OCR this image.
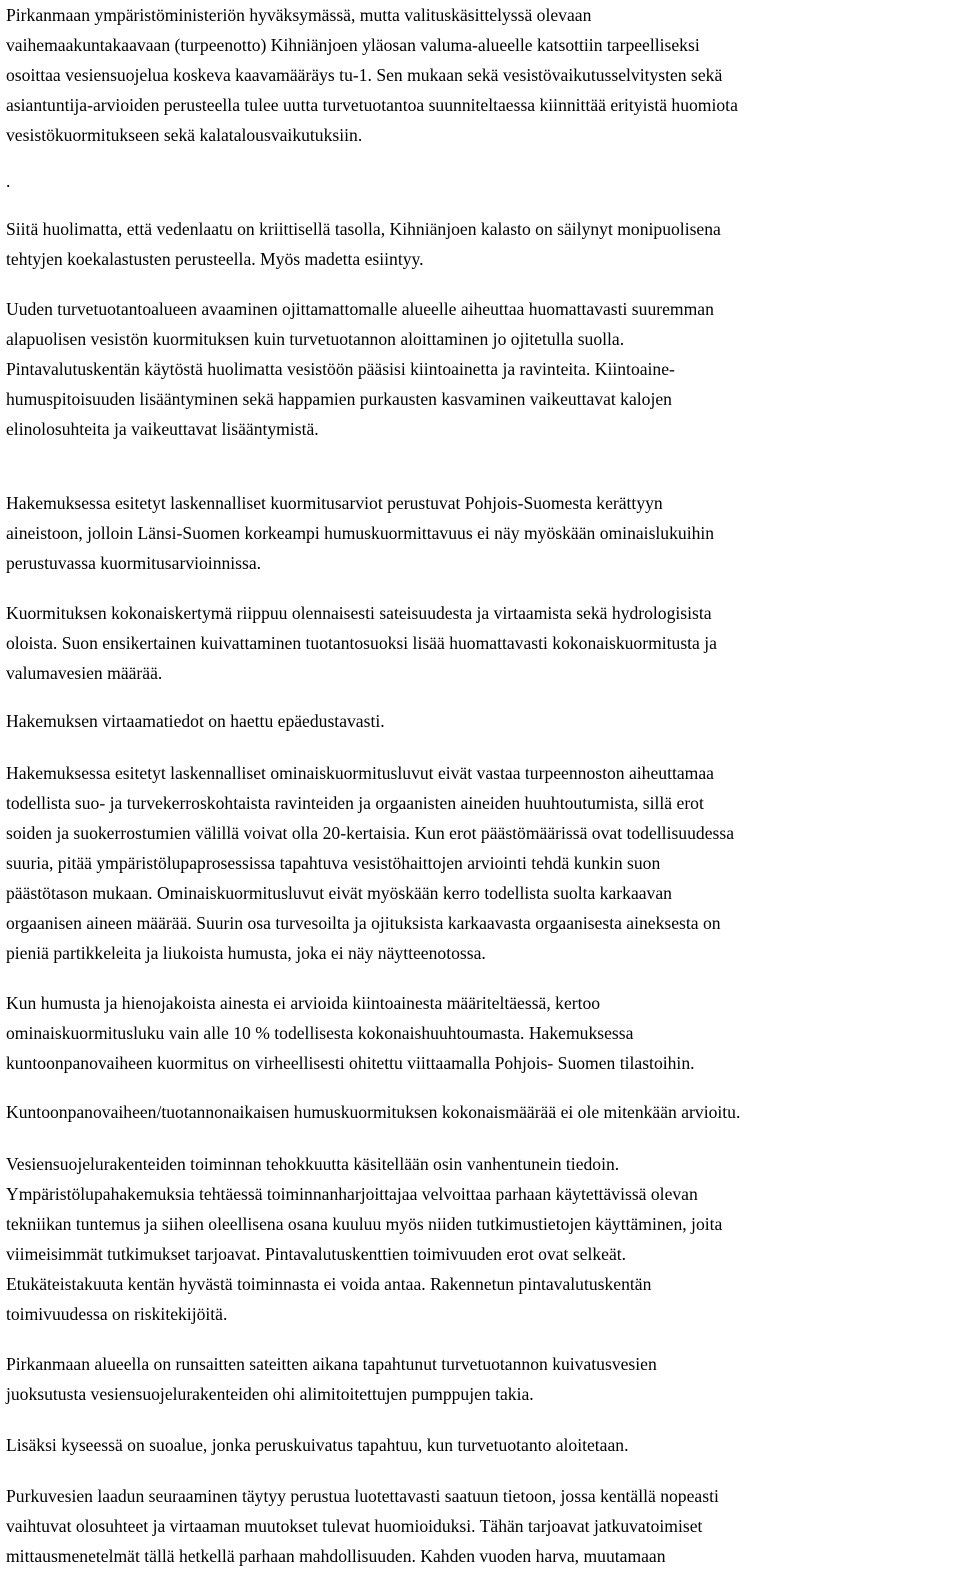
Pirkanmaan ympäristöministeriön hyväksymässä, mutta valituskäsittelyssä olevaan
vaihemaakuntakaavaan (turpeenotto) Kihniänjoen yläosan valuma-alueelle katsottiin tarpeelliseksi
osoittaa vesiensuojelua koskeva kaavamääräys tu-1. Sen mukaan sekä vesistövaikutusselvitysten sekä
asiantuntija-arvioiden perusteella tulee uutta turvetuotantoa suunniteltaessa kiinnittää erityistä huomiota
vesistökuormitukseen sekä kalatalousvaikutuksiin.
.
Siitä huolimatta, että vedenlaatu on kriittisellä tasolla, Kihniänjoen kalasto on säilynyt monipuolisena
tehtyjen koekalastusten perusteella. Myös madetta esiintyy.
Uuden turvetuotantoalueen avaaminen ojittamattomalle alueelle aiheuttaa huomattavasti suuremman
alapuolisen vesistön kuormituksen kuin turvetuotannon aloittaminen jo ojitetulla suolla.
Pintavalutuskentän käytöstä huolimatta vesistöön pääsisi kiintoainetta ja ravinteita. Kiintoaine-
humuspitoisuuden lisääntyminen sekä happamien purkausten kasvaminen vaikeuttavat kalojen
elinolosuhteita ja vaikeuttavat lisääntymistä.
Hakemuksessa esitetyt laskennalliset kuormitusarviot perustuvat Pohjois-Suomesta kerättyyn
aineistoon, jolloin Länsi-Suomen korkeampi humuskuormittavuus ei näy myöskään ominaislukuihin
perustuvassa kuormitusarvioinnissa.
Kuormituksen kokonaiskertymä riippuu olennaisesti sateisuudesta ja virtaamista sekä hydrologisista
oloista. Suon ensikertainen kuivattaminen tuotantosuoksi lisää huomattavasti kokonaiskuormitusta ja
valumavesien määrää.
Hakemuksen virtaamatiedot on haettu epäedustavasti.
Hakemuksessa esitetyt laskennalliset ominaiskuormitusluvut eivät vastaa turpeennoston aiheuttamaa
todellista suo- ja turvekerroskohtaista ravinteiden ja orgaanisten aineiden huuhtoutumista, sillä erot
soiden ja suokerrostumien välillä voivat olla 20-kertaisia. Kun erot päästömäärissä ovat todellisuudessa
suuria, pitää ympäristölupaprosessissa tapahtuva vesistöhaittojen arviointi tehdä kunkin suon
päästötason mukaan. Ominaiskuormitusluvut eivät myöskään kerro todellista suolta karkaavan
orgaanisen aineen määrää. Suurin osa turvesoilta ja ojituksista karkaavasta orgaanisesta aineksesta on
pieniä partikkeleita ja liukoista humusta, joka ei näy näytteenotossa.
Kun humusta ja hienojakoista ainesta ei arvioida kiintoainesta määriteltäessä, kertoo
ominaiskuormitusluku vain alle 10 % todellisesta kokonaishuuhtoumasta. Hakemuksessa
kuntoonpanovaiheen kuormitus on virheellisesti ohitettu viittaamalla Pohjois- Suomen tilastoihin.
Kuntoonpanovaiheen/tuotannonaikaisen humuskuormituksen kokonaismäärää ei ole mitenkään arvioitu.
Vesiensuojelurakenteiden toiminnan tehokkuutta käsitellään osin vanhentunein tiedoin.
Ympäristölupahakemuksia tehtäessä toiminnanharjoittajaa velvoittaa parhaan käytettävissä olevan
tekniikan tuntemus ja siihen oleellisena osana kuuluu myös niiden tutkimustietojen käyttäminen, joita
viimeisimmät tutkimukset tarjoavat. Pintavalutuskenttien toimivuuden erot ovat selkeät.
Etukäteistakuuta kentän hyvästä toiminnasta ei voida antaa. Rakennetun pintavalutuskentän
toimivuudessa on riskitekijöitä.
Pirkanmaan alueella on runsaitten sateitten aikana tapahtunut turvetuotannon kuivatusvesien
juoksutusta vesiensuojelurakenteiden ohi alimitoitettujen pumppujen takia.
Lisäksi kyseessä on suoalue, jonka peruskuivatus tapahtuu, kun turvetuotanto aloitetaan.
Purkuvesien laadun seuraaminen täytyy perustua luotettavasti saatuun tietoon, jossa kentällä nopeasti
vaihtuvat olosuhteet ja virtaaman muutokset tulevat huomioiduksi. Tähän tarjoavat jatkuvatoimiset
mittausmenetelmät tällä hetkellä parhaan mahdollisuuden. Kahden vuoden harva, muutamaan
